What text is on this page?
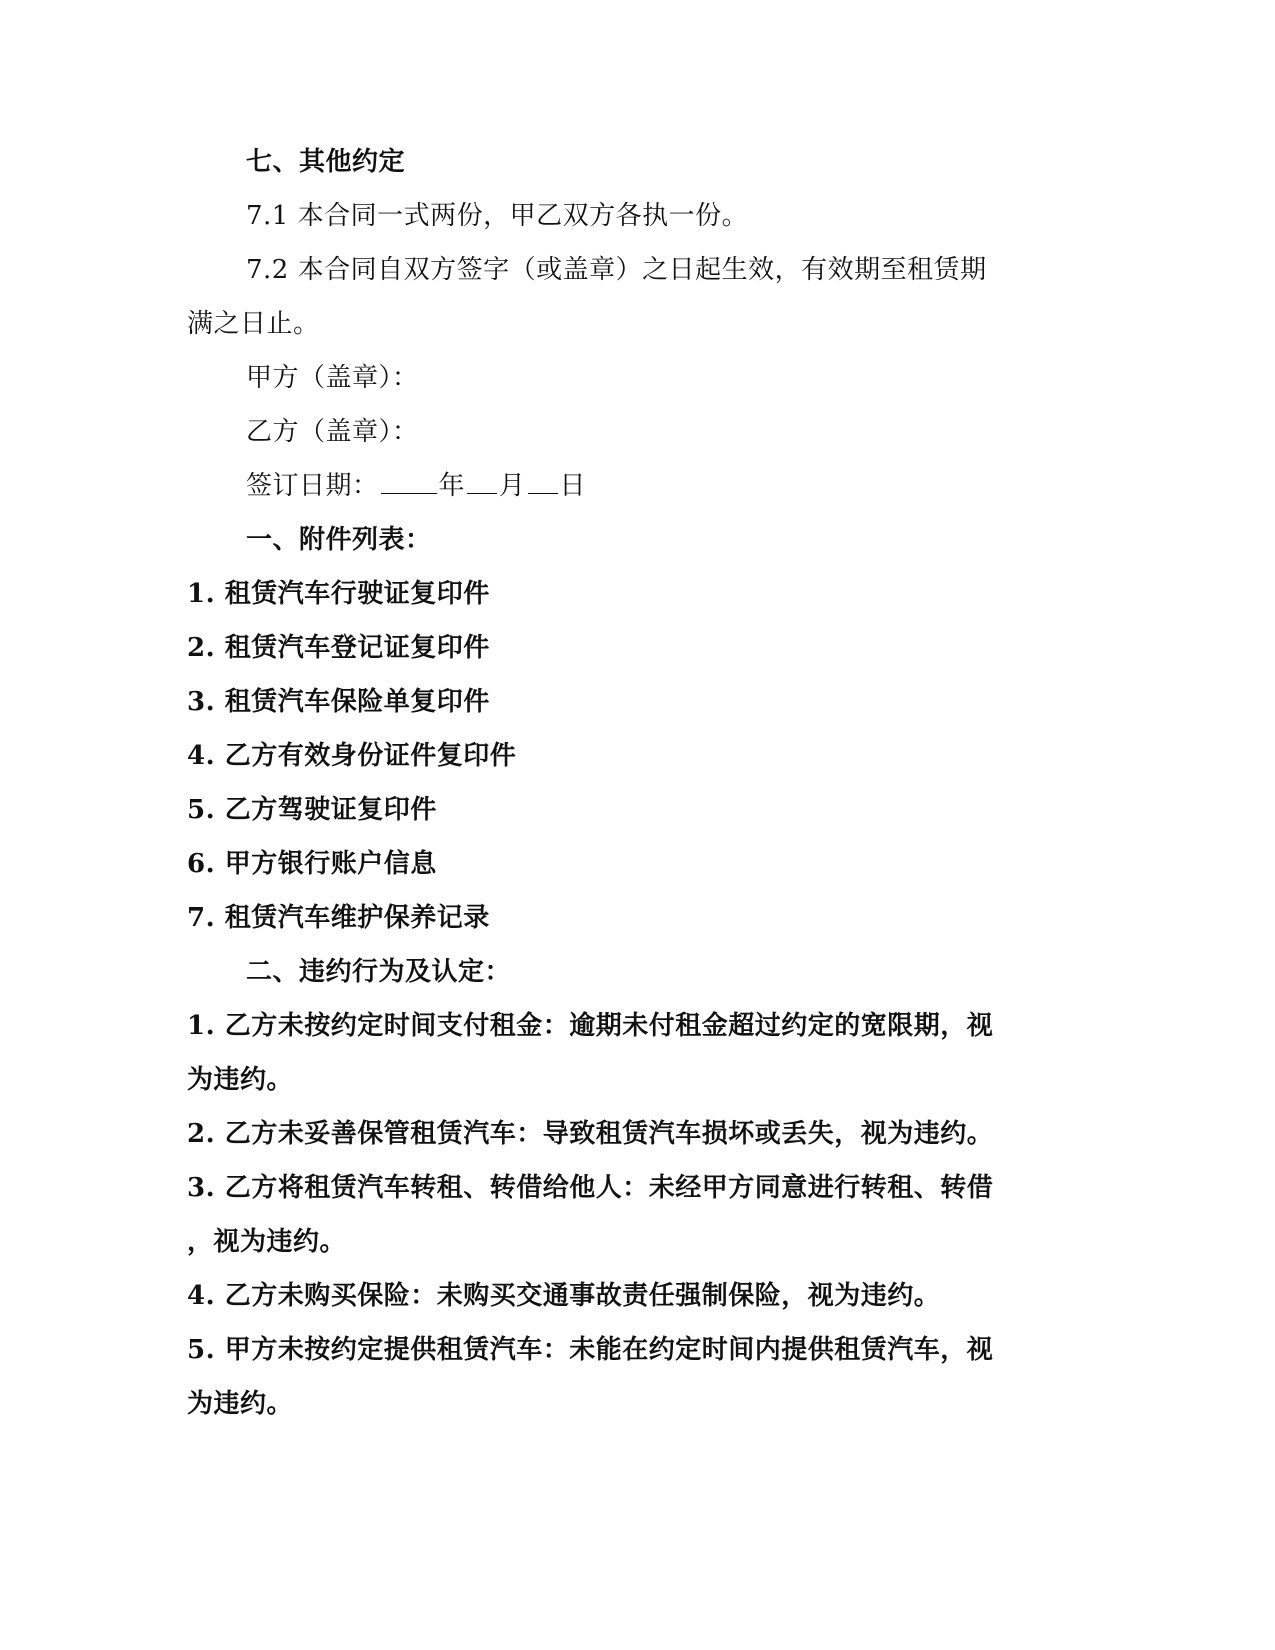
七、其他约定
7.1 本合同一式两份，甲乙双方各执一份。
7.2 本合同自双方签字（或盖章）之日起生效，有效期至租赁期
满之日止。
甲方（盖章）：
乙方（盖章）：
签订日期： 年 月 日
一、附件列表：
1. 租赁汽车行驶证复印件
2. 租赁汽车登记证复印件
3. 租赁汽车保险单复印件
4. 乙方有效身份证件复印件
5. 乙方驾驶证复印件
6. 甲方银行账户信息
7. 租赁汽车维护保养记录
二、违约行为及认定：
1. 乙方未按约定时间支付租金：逾期未付租金超过约定的宽限期，视
为违约。
2. 乙方未妥善保管租赁汽车：导致租赁汽车损坏或丢失，视为违约。
3. 乙方将租赁汽车转租、转借给他人：未经甲方同意进行转租、转借
，视为违约。
4. 乙方未购买保险：未购买交通事故责任强制保险，视为违约。
5. 甲方未按约定提供租赁汽车：未能在约定时间内提供租赁汽车，视
为违约。
